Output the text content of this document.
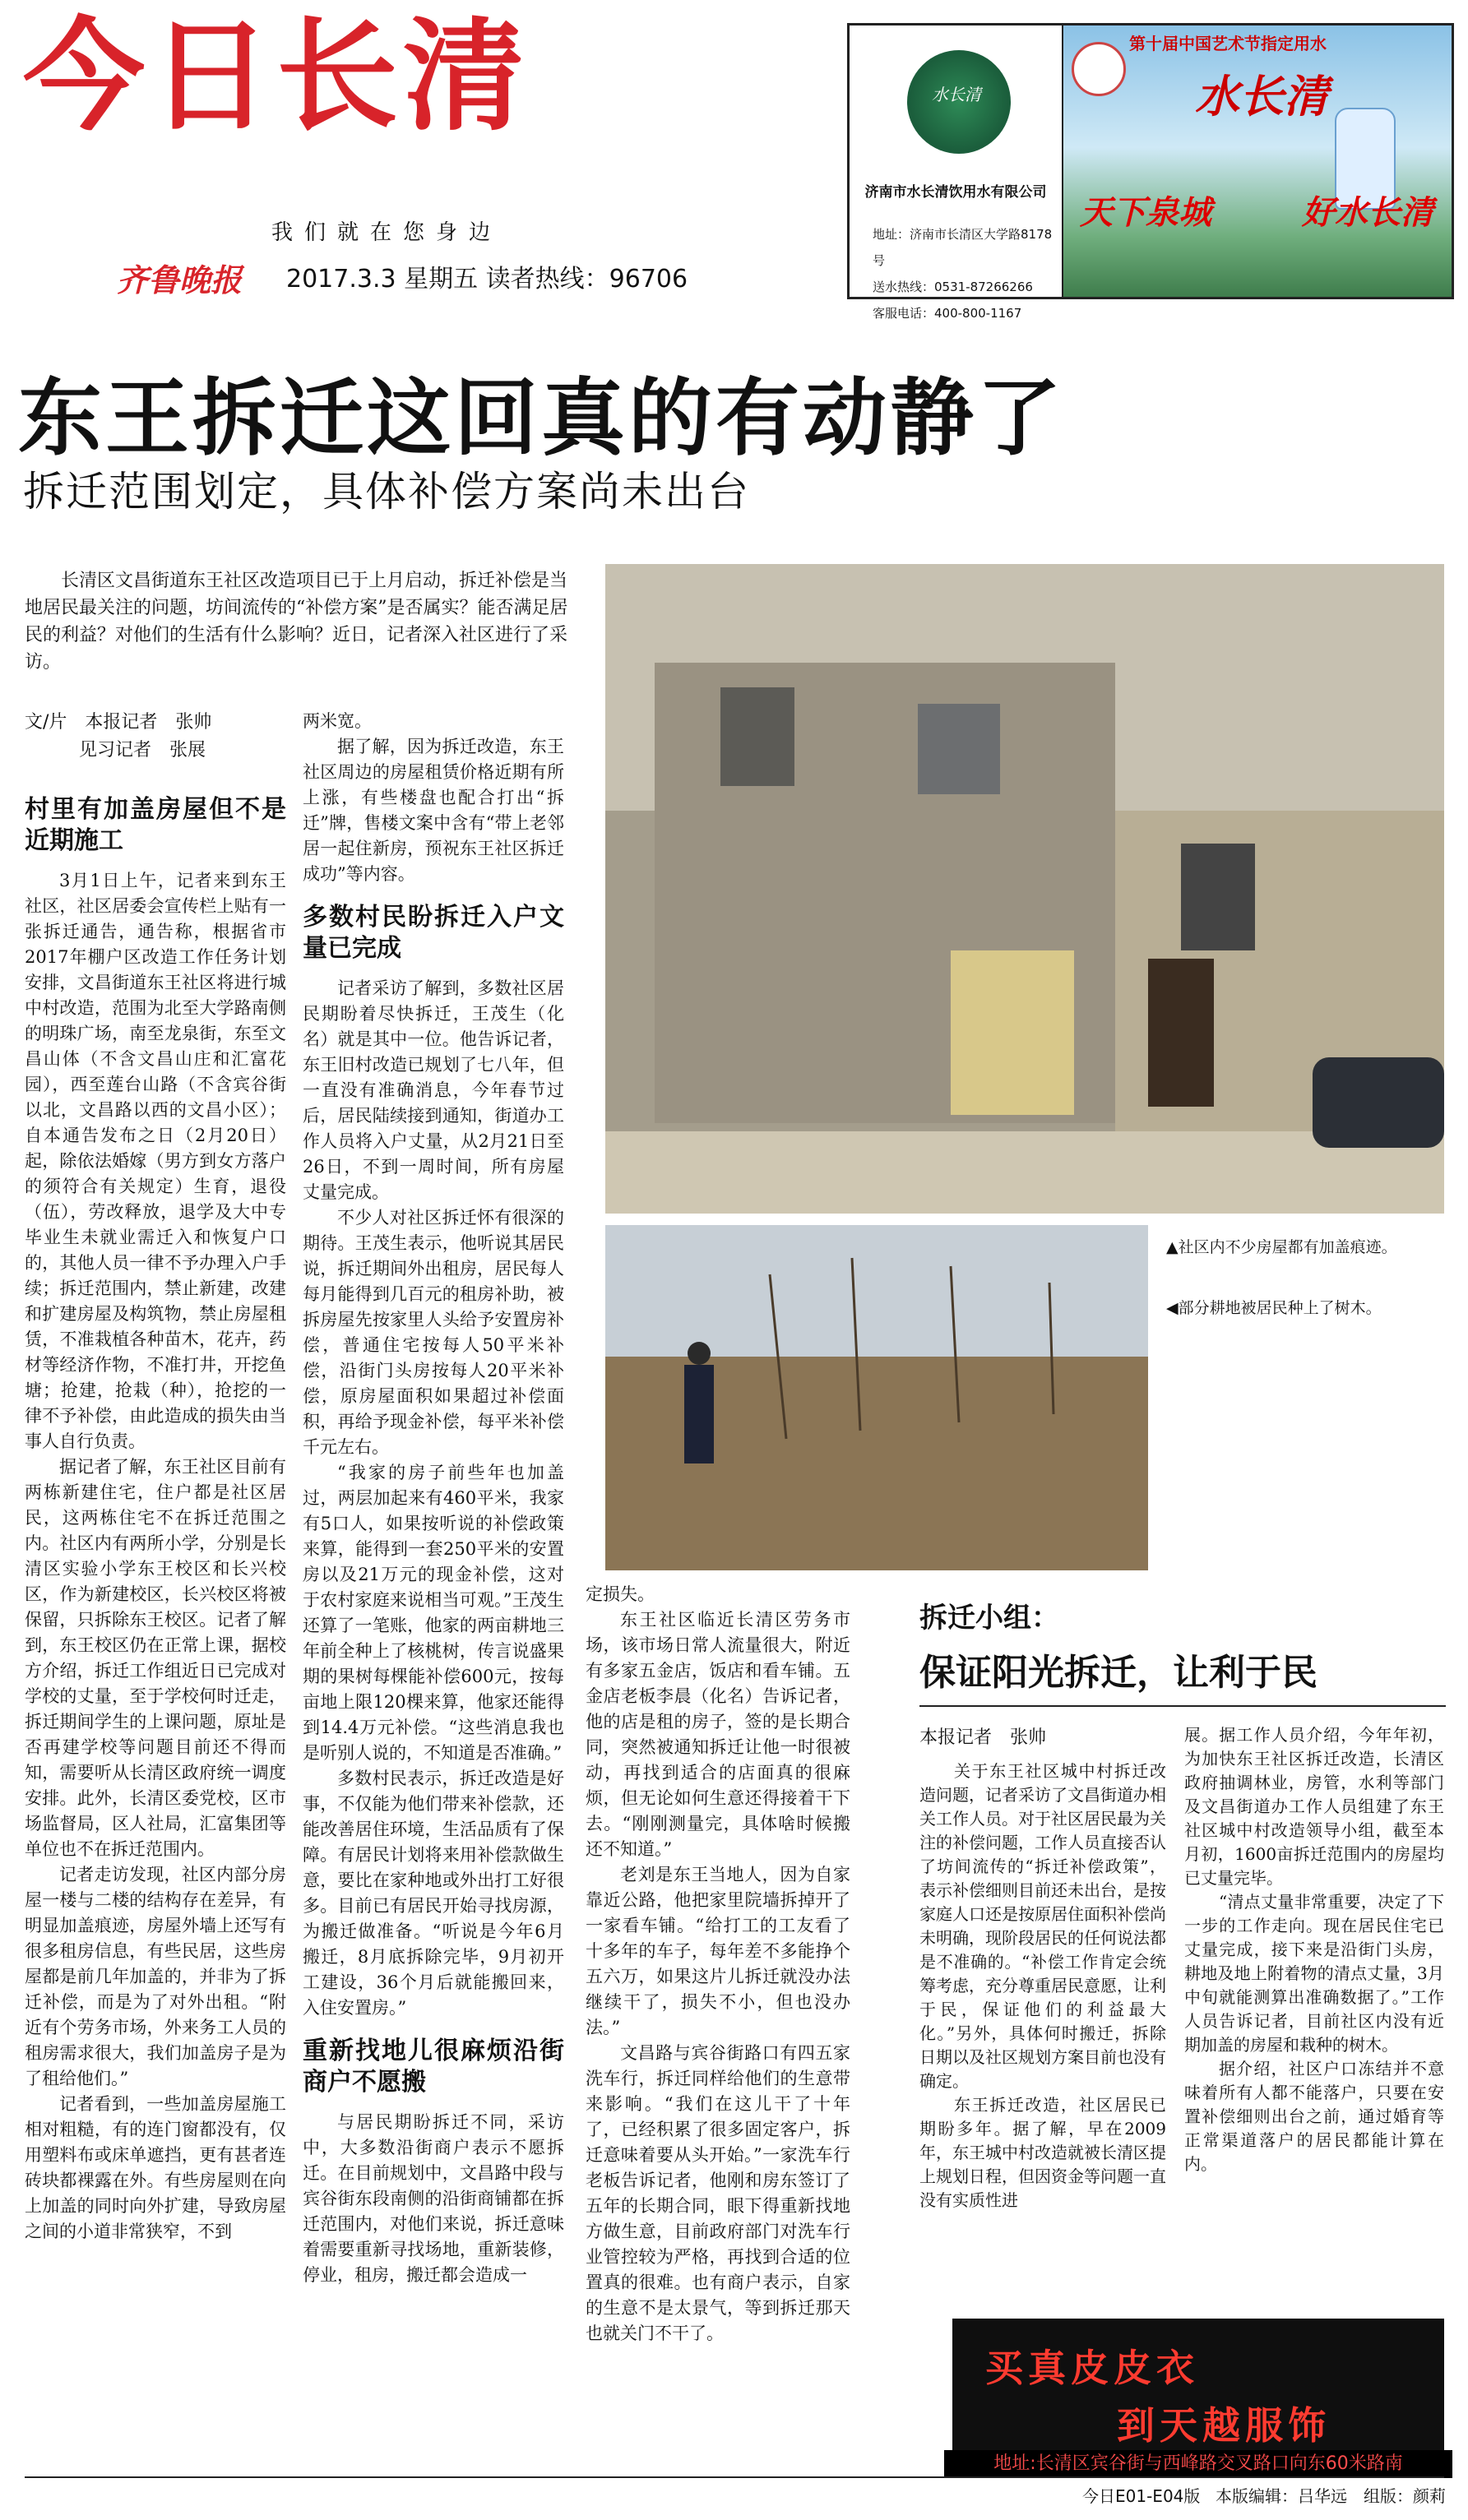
今日长清
我们就在您身边
齐鲁晚报 2017.3.3 星期五 读者热线：96706
水长清
济南市水长清饮用水有限公司
地址：济南市长清区大学路8178号
送水热线：0531-87266266
客服电话：400-800-1167
第十届中国艺术节指定用水
水长清
天下泉城	好水长清
东王拆迁这回真的有动静了
拆迁范围划定，具体补偿方案尚未出台
长清区文昌街道东王社区改造项目已于上月启动，拆迁补偿是当地居民最关注的问题，坊间流传的“补偿方案”是否属实？能否满足居民的利益？对他们的生活有什么影响？近日，记者深入社区进行了采访。
文/片　本报记者　张帅
　　　见习记者　张展
村里有加盖房屋但不是近期施工

3月1日上午，记者来到东王社区，社区居委会宣传栏上贴有一张拆迁通告，通告称，根据省市2017年棚户区改造工作任务计划安排，文昌街道东王社区将进行城中村改造，范围为北至大学路南侧的明珠广场，南至龙泉街，东至文昌山体（不含文昌山庄和汇富花园），西至莲台山路（不含宾谷街以北，文昌路以西的文昌小区）；自本通告发布之日（2月20日）起，除依法婚嫁（男方到女方落户的须符合有关规定）生育，退役（伍），劳改释放，退学及大中专毕业生未就业需迁入和恢复户口的，其他人员一律不予办理入户手续；拆迁范围内，禁止新建，改建和扩建房屋及构筑物，禁止房屋租赁，不准栽植各种苗木，花卉，药材等经济作物，不准打井，开挖鱼塘；抢建，抢栽（种），抢挖的一律不予补偿，由此造成的损失由当事人自行负责。

据记者了解，东王社区目前有两栋新建住宅，住户都是社区居民，这两栋住宅不在拆迁范围之内。社区内有两所小学，分别是长清区实验小学东王校区和长兴校区，作为新建校区，长兴校区将被保留，只拆除东王校区。记者了解到，东王校区仍在正常上课，据校方介绍，拆迁工作组近日已完成对学校的丈量，至于学校何时迁走，拆迁期间学生的上课问题，原址是否再建学校等问题目前还不得而知，需要听从长清区政府统一调度安排。此外，长清区委党校，区市场监督局，区人社局，汇富集团等单位也不在拆迁范围内。

记者走访发现，社区内部分房屋一楼与二楼的结构存在差异，有明显加盖痕迹，房屋外墙上还写有很多租房信息，有些民居，这些房屋都是前几年加盖的，并非为了拆迁补偿，而是为了对外出租。“附近有个劳务市场，外来务工人员的租房需求很大，我们加盖房子是为了租给他们。”

记者看到，一些加盖房屋施工相对粗糙，有的连门窗都没有，仅用塑料布或床单遮挡，更有甚者连砖块都裸露在外。有些房屋则在向上加盖的同时向外扩建，导致房屋之间的小道非常狭窄，不到

两米宽。

据了解，因为拆迁改造，东王社区周边的房屋租赁价格近期有所上涨，有些楼盘也配合打出“拆迁”牌，售楼文案中含有“带上老邻居一起住新房，预祝东王社区拆迁成功”等内容。

多数村民盼拆迁入户文量已完成

记者采访了解到，多数社区居民期盼着尽快拆迁，王茂生（化名）就是其中一位。他告诉记者，东王旧村改造已规划了七八年，但一直没有准确消息，今年春节过后，居民陆续接到通知，街道办工作人员将入户丈量，从2月21日至26日，不到一周时间，所有房屋丈量完成。

不少人对社区拆迁怀有很深的期待。王茂生表示，他听说其居民说，拆迁期间外出租房，居民每人每月能得到几百元的租房补助，被拆房屋先按家里人头给予安置房补偿，普通住宅按每人50平米补偿，沿街门头房按每人20平米补偿，原房屋面积如果超过补偿面积，再给予现金补偿，每平米补偿千元左右。

“我家的房子前些年也加盖过，两层加起来有460平米，我家有5口人，如果按听说的补偿政策来算，能得到一套250平米的安置房以及21万元的现金补偿，这对于农村家庭来说相当可观。”王茂生还算了一笔账，他家的两亩耕地三年前全种上了核桃树，传言说盛果期的果树每棵能补偿600元，按每亩地上限120棵来算，他家还能得到14.4万元补偿。“这些消息我也是听别人说的，不知道是否准确。”

多数村民表示，拆迁改造是好事，不仅能为他们带来补偿款，还能改善居住环境，生活品质有了保障。有居民计划将来用补偿款做生意，要比在家种地或外出打工好很多。目前已有居民开始寻找房源，为搬迁做准备。“听说是今年6月搬迁，8月底拆除完毕，9月初开工建设，36个月后就能搬回来，入住安置房。”

重新找地儿很麻烦沿街商户不愿搬

与居民期盼拆迁不同，采访中，大多数沿街商户表示不愿拆迁。在目前规划中，文昌路中段与宾谷街东段南侧的沿街商铺都在拆迁范围内，对他们来说，拆迁意味着需要重新寻找场地，重新装修，停业，租房，搬迁都会造成一

▲社区内不少房屋都有加盖痕迹。
◀部分耕地被居民种上了树木。

定损失。

东王社区临近长清区劳务市场，该市场日常人流量很大，附近有多家五金店，饭店和看车铺。五金店老板李晨（化名）告诉记者，他的店是租的房子，签的是长期合同，突然被通知拆迁让他一时很被动，再找到适合的店面真的很麻烦，但无论如何生意还得接着干下去。“刚刚测量完，具体啥时候搬还不知道。”

老刘是东王当地人，因为自家靠近公路，他把家里院墙拆掉开了一家看车铺。“给打工的工友看了十多年的车子，每年差不多能挣个五六万，如果这片儿拆迁就没办法继续干了，损失不小，但也没办法。”

文昌路与宾谷街路口有四五家洗车行，拆迁同样给他们的生意带来影响。“我们在这儿干了十年了，已经积累了很多固定客户，拆迁意味着要从头开始。”一家洗车行老板告诉记者，他刚和房东签订了五年的长期合同，眼下得重新找地方做生意，目前政府部门对洗车行业管控较为严格，再找到合适的位置真的很难。也有商户表示，自家的生意不是太景气，等到拆迁那天也就关门不干了。

拆迁小组：
保证阳光拆迁，让利于民
本报记者　张帅

关于东王社区城中村拆迁改造问题，记者采访了文昌街道办相关工作人员。对于社区居民最为关注的补偿问题，工作人员直接否认了坊间流传的“拆迁补偿政策”，表示补偿细则目前还未出台，是按家庭人口还是按原居住面积补偿尚未明确，现阶段居民的任何说法都是不准确的。“补偿工作肯定会统筹考虑，充分尊重居民意愿，让利于民，保证他们的利益最大化。”另外，具体何时搬迁，拆除日期以及社区规划方案目前也没有确定。

东王拆迁改造，社区居民已期盼多年。据了解，早在2009年，东王城中村改造就被长清区提上规划日程，但因资金等问题一直没有实质性进

展。据工作人员介绍，今年年初，为加快东王社区拆迁改造，长清区政府抽调林业，房管，水利等部门及文昌街道办工作人员组建了东王社区城中村改造领导小组，截至本月初，1600亩拆迁范围内的房屋均已丈量完毕。

“清点丈量非常重要，决定了下一步的工作走向。现在居民住宅已丈量完成，接下来是沿街门头房，耕地及地上附着物的清点丈量，3月中旬就能测算出准确数据了。”工作人员告诉记者，目前社区内没有近期加盖的房屋和栽种的树木。

据介绍，社区户口冻结并不意味着所有人都不能落户，只要在安置补偿细则出台之前，通过婚育等正常渠道落户的居民都能计算在内。

买真皮皮衣
到天越服饰
地址:长清区宾谷街与西峰路交叉路口向东60米路南
今日E01-E04版 本版编辑：吕华远　组版：颜莉
